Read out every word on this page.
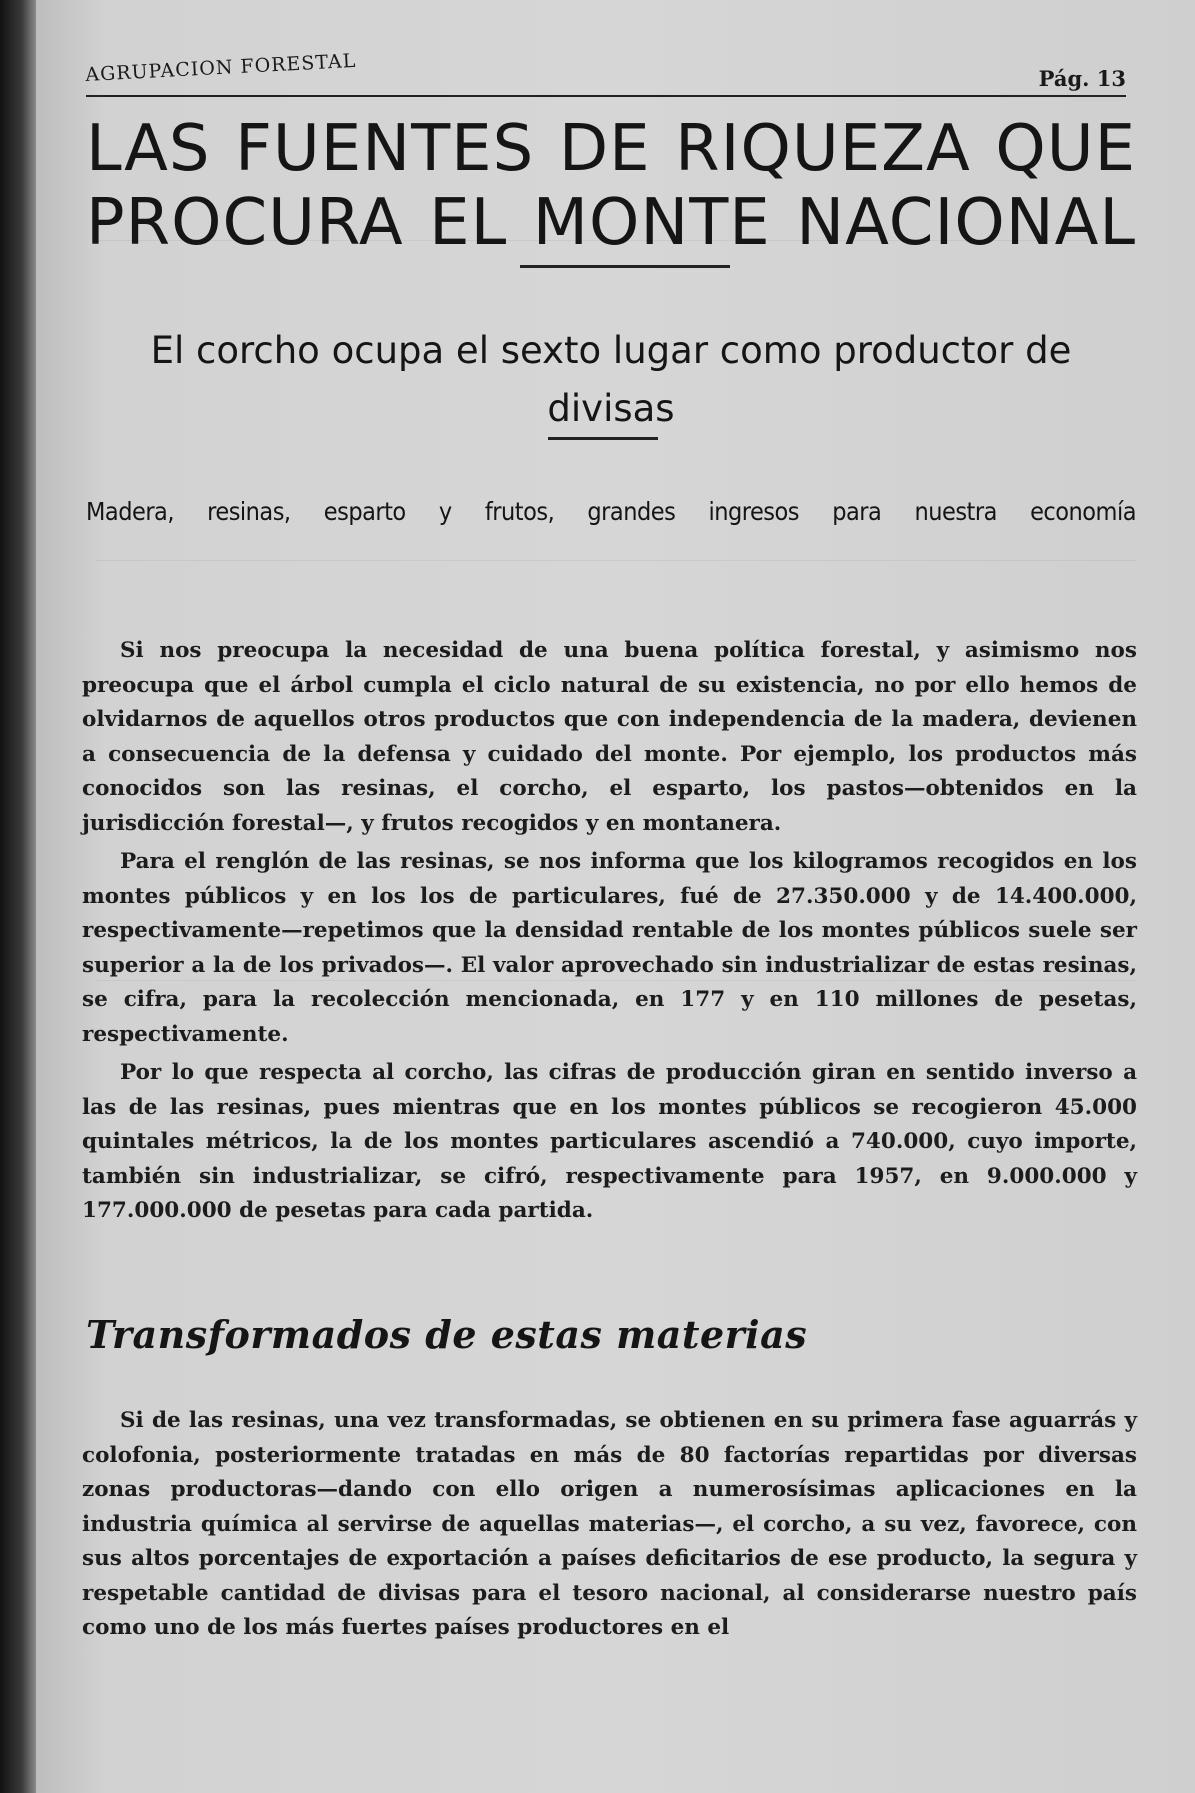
AGRUPACION FORESTAL	Pág. 13
LAS FUENTES DE RIQUEZA QUE PROCURA EL MONTE NACIONAL
El corcho ocupa el sexto lugar como productor de divisas
Madera, resinas, esparto y frutos, grandes ingresos para nuestra economía

Si nos preocupa la necesidad de una buena política forestal, y asimismo nos preocupa que el árbol cumpla el ciclo natural de su existencia, no por ello hemos de olvidarnos de aquellos otros productos que con independencia de la madera, devienen a consecuencia de la defensa y cuidado del monte. Por ejemplo, los productos más conocidos son las resinas, el corcho, el esparto, los pastos—obtenidos en la jurisdicción forestal—, y frutos recogidos y en montanera.

Para el renglón de las resinas, se nos informa que los kilogramos recogidos en los montes públicos y en los los de particulares, fué de 27.350.000 y de 14.400.000, respectivamente—repetimos que la densidad rentable de los montes públicos suele ser superior a la de los privados—. El valor aprovechado sin industrializar de estas resinas, se cifra, para la recolección mencionada, en 177 y en 110 millones de pesetas, respectivamente.

Por lo que respecta al corcho, las cifras de producción giran en sentido inverso a las de las resinas, pues mientras que en los montes públicos se recogieron 45.000 quintales métricos, la de los montes particulares ascendió a 740.000, cuyo importe, también sin industrializar, se cifró, respectivamente para 1957, en 9.000.000 y 177.000.000 de pesetas para cada partida.

Transformados de estas materias

Si de las resinas, una vez transformadas, se obtienen en su primera fase aguarrás y colofonia, posteriormente tratadas en más de 80 factorías repartidas por diversas zonas productoras—dando con ello origen a numerosísimas aplicaciones en la industria química al servirse de aquellas materias—, el corcho, a su vez, favorece, con sus altos porcentajes de exportación a países deficitarios de ese producto, la segura y respetable cantidad de divisas para el tesoro nacional, al considerarse nuestro país como uno de los más fuertes países productores en el
